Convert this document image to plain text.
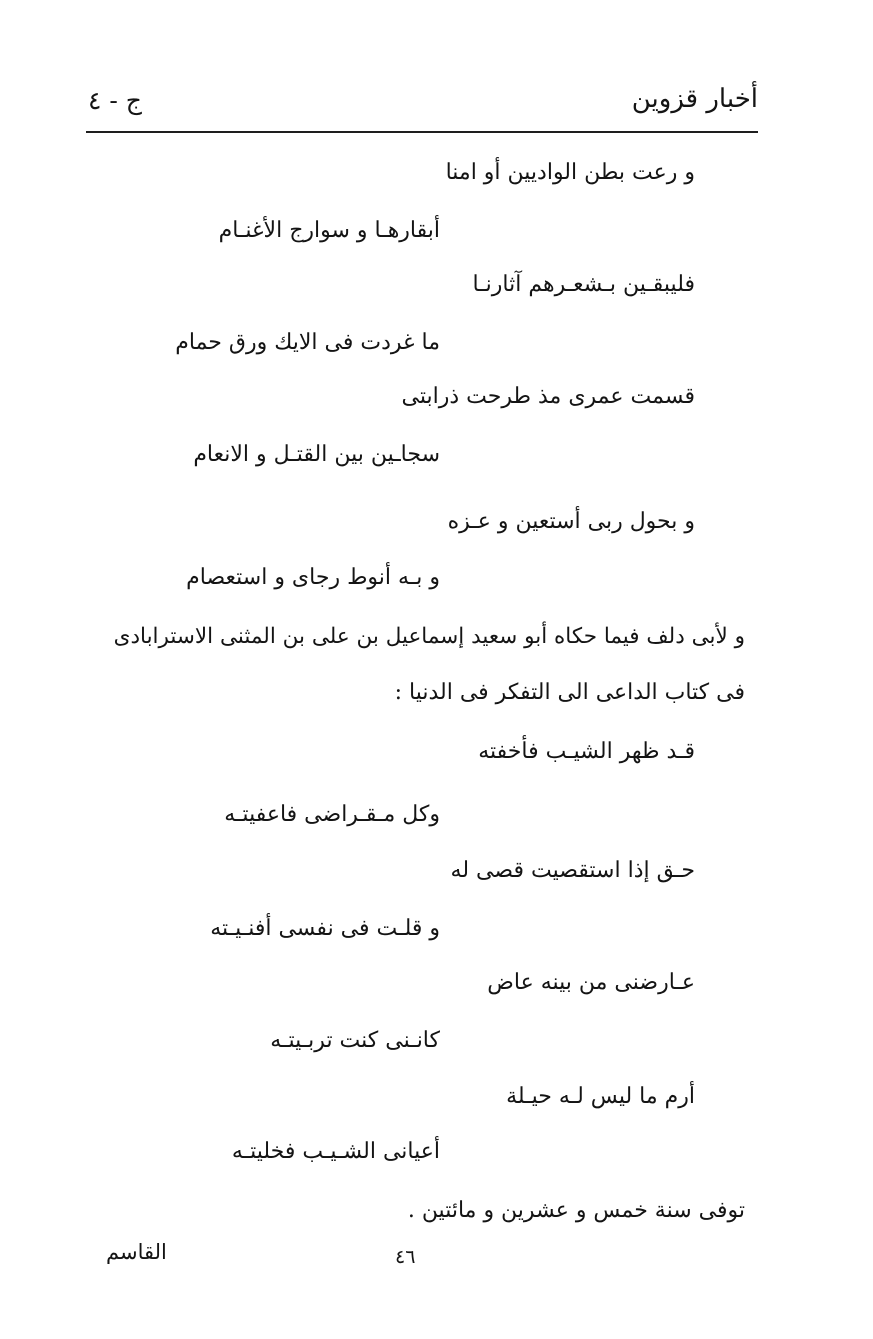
أخبار قزوين
ج - ٤
و رعت بطن الواديين أو امنا
أبقارهـا و سوارج الأغنـام
فليبقـين بـشعـرهم آثارنـا
ما غردت فى الايك ورق حمام
قسمت عمرى مذ طرحت ذرابتى
سجاـين بين القتـل و الانعام
و بحول ربى أستعين و عـزه
و بـه أنوط رجاى و استعصام
و لأبى دلف فيما حكاه أبو سعيد إسماعيل بن على بن المثنى الاسترابادى
فى كتاب الداعى الى التفكر فى الدنيا :
قـد ظهر الشيـب فأخفته
وكل مـقـراضى فاعفيتـه
حـق إذا استقصيت قصى له
و قلـت فى نفسى أفنـيـته
عـارضنى من بينه عاض
كانـنى كنت تربـيتـه
أرم ما ليس لـه حيـلة
أعيانى الشـيـب فخليتـه
توفى سنة خمس و عشرين و مائتين .
٤٦
القاسم
